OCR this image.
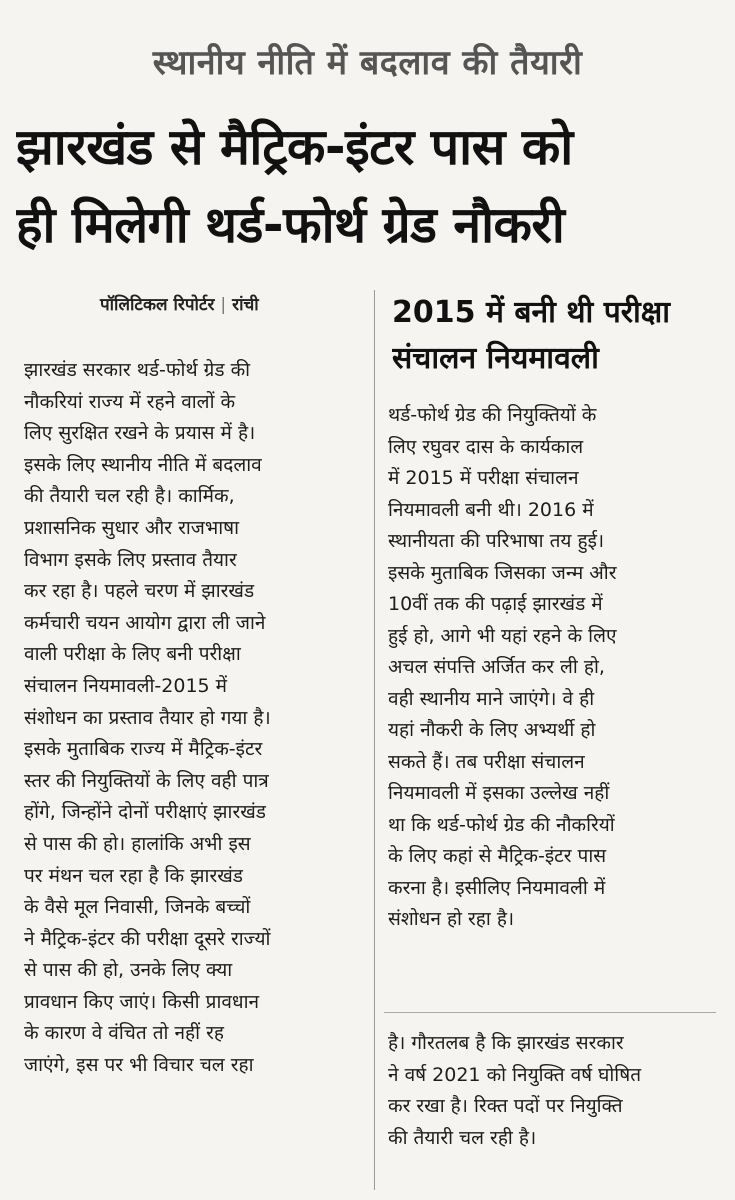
स्थानीय नीति में बदलाव की तैयारी
झारखंड से मैट्रिक-इंटर पास को
ही मिलेगी थर्ड-फोर्थ ग्रेड नौकरी
पॉलिटिकल रिपोर्टर | रांची
झारखंड सरकार थर्ड-फोर्थ ग्रेड की
नौकरियां राज्य में रहने वालों के
लिए सुरक्षित रखने के प्रयास में है।
इसके लिए स्थानीय नीति में बदलाव
की तैयारी चल रही है। कार्मिक,
प्रशासनिक सुधार और राजभाषा
विभाग इसके लिए प्रस्ताव तैयार
कर रहा है। पहले चरण में झारखंड
कर्मचारी चयन आयोग द्वारा ली जाने
वाली परीक्षा के लिए बनी परीक्षा
संचालन नियमावली-2015 में
संशोधन का प्रस्ताव तैयार हो गया है।
इसके मुताबिक राज्य में मैट्रिक-इंटर
स्तर की नियुक्तियों के लिए वही पात्र
होंगे, जिन्होंने दोनों परीक्षाएं झारखंड
से पास की हो। हालांकि अभी इस
पर मंथन चल रहा है कि झारखंड
के वैसे मूल निवासी, जिनके बच्चों
ने मैट्रिक-इंटर की परीक्षा दूसरे राज्यों
से पास की हो, उनके लिए क्या
प्रावधान किए जाएं। किसी प्रावधान
के कारण वे वंचित तो नहीं रह
जाएंगे, इस पर भी विचार चल रहा
2015 में बनी थी परीक्षा
संचालन नियमावली
थर्ड-फोर्थ ग्रेड की नियुक्तियों के
लिए रघुवर दास के कार्यकाल
में 2015 में परीक्षा संचालन
नियमावली बनी थी। 2016 में
स्थानीयता की परिभाषा तय हुई।
इसके मुताबिक जिसका जन्म और
10वीं तक की पढ़ाई झारखंड में
हुई हो, आगे भी यहां रहने के लिए
अचल संपत्ति अर्जित कर ली हो,
वही स्थानीय माने जाएंगे। वे ही
यहां नौकरी के लिए अभ्यर्थी हो
सकते हैं। तब परीक्षा संचालन
नियमावली में इसका उल्लेख नहीं
था कि थर्ड-फोर्थ ग्रेड की नौकरियों
के लिए कहां से मैट्रिक-इंटर पास
करना है। इसीलिए नियमावली में
संशोधन हो रहा है।
है। गौरतलब है कि झारखंड सरकार
ने वर्ष 2021 को नियुक्ति वर्ष घोषित
कर रखा है। रिक्त पदों पर नियुक्ति
की तैयारी चल रही है।
